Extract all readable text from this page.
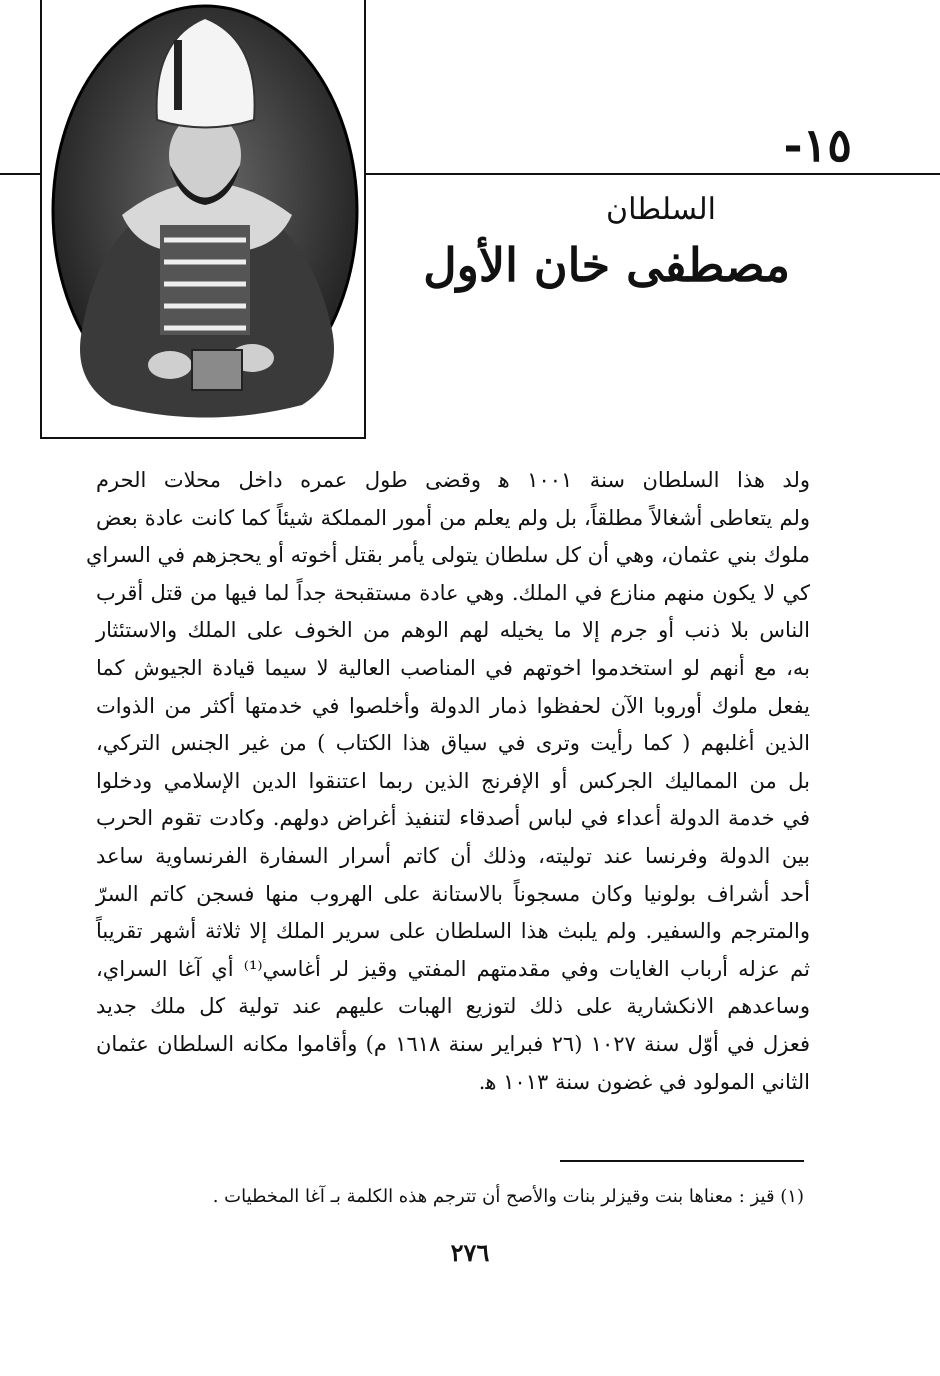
١٥-
السلطان
مصطفى خان الأول
ولد هذا السلطان سنة ١٠٠١ ﻫ وقضى طول عمره داخل محلات الحرم
ولم يتعاطى أشغالاً مطلقاً، بل ولم يعلم من أمور المملكة شيئاً كما كانت عادة بعض
ملوك بني عثمان، وهي أن كل سلطان يتولى يأمر بقتل أخوته أو يحجزهم في السراي
كي لا يكون منهم منازع في الملك. وهي عادة مستقبحة جداً لما فيها من قتل أقرب
الناس بلا ذنب أو جرم إلا ما يخيله لهم الوهم من الخوف على الملك والاستئثار
به، مع أنهم لو استخدموا اخوتهم في المناصب العالية لا سيما قيادة الجيوش كما
يفعل ملوك أوروبا الآن لحفظوا ذمار الدولة وأخلصوا في خدمتها أكثر من الذوات
الذين أغلبهم ( كما رأيت وترى في سياق هذا الكتاب ) من غير الجنس التركي،
بل من المماليك الجركس أو الإفرنج الذين ربما اعتنقوا الدين الإسلامي ودخلوا
في خدمة الدولة أعداء في لباس أصدقاء لتنفيذ أغراض دولهم. وكادت تقوم الحرب
بين الدولة وفرنسا عند توليته، وذلك أن كاتم أسرار السفارة الفرنساوية ساعد
أحد أشراف بولونيا وكان مسجوناً بالاستانة على الهروب منها فسجن كاتم السرّ
والمترجم والسفير. ولم يلبث هذا السلطان على سرير الملك إلا ثلاثة أشهر تقريباً
ثم عزله أرباب الغايات وفي مقدمتهم المفتي وقيز لر أغاسي⁽¹⁾ أي آغا السراي،
وساعدهم الانكشارية على ذلك لتوزيع الهبات عليهم عند تولية كل ملك جديد
فعزل في أوّل سنة ١٠٢٧ (٢٦ فبراير سنة ١٦١٨ م) وأقاموا مكانه السلطان عثمان
الثاني المولود في غضون سنة ١٠١٣ ﻫ.
(١) قيز : معناها بنت وقيزلر بنات والأصح أن تترجم هذه الكلمة بـ آغا المخطيات .
٢٧٦
